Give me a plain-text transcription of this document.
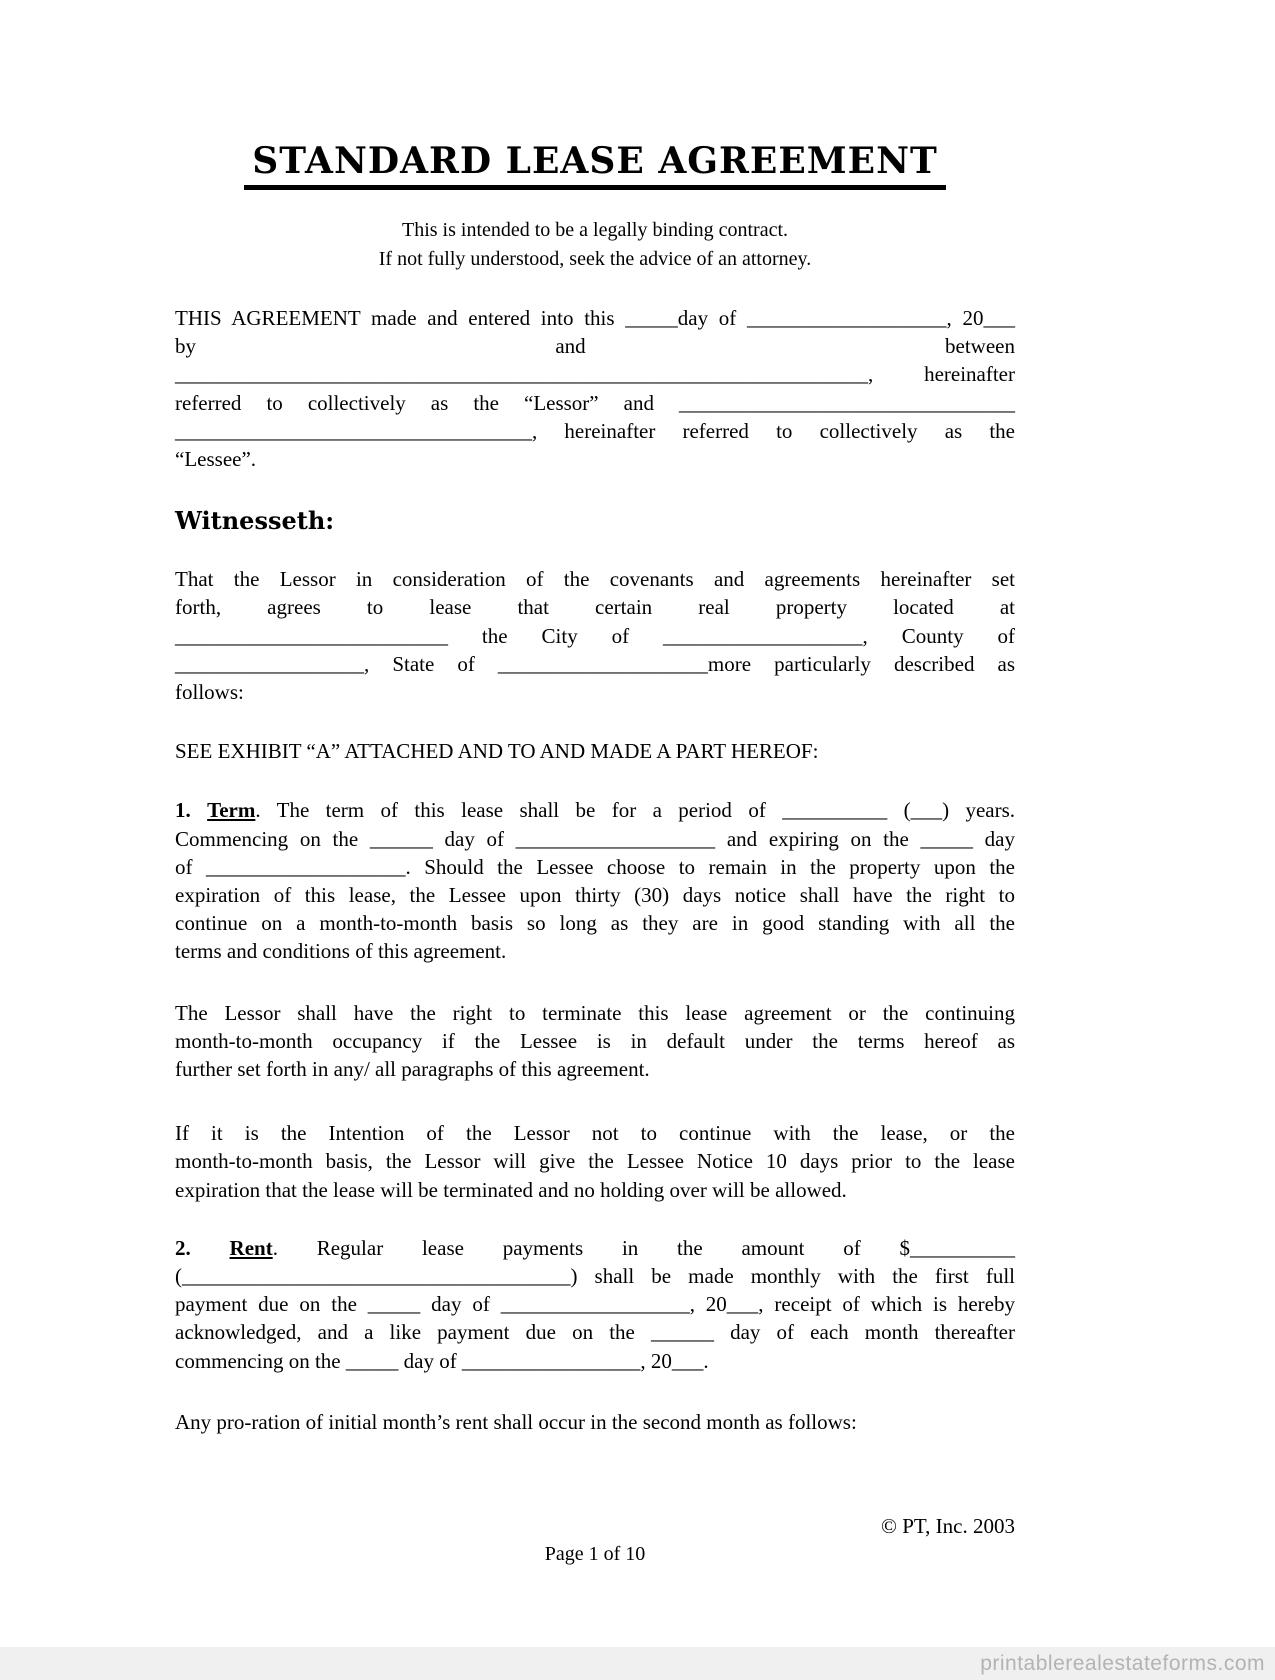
STANDARD LEASE AGREEMENT
This is intended to be a legally binding contract.
If not fully understood, seek the advice of an attorney.
THIS AGREEMENT made and entered into this _____day of ___________________, 20___
by and between
__________________________________________________________________, hereinafter
referred to collectively as the “Lessor” and ________________________________
__________________________________, hereinafter referred to collectively as the
“Lessee”.
Witnesseth:
That the Lessor in consideration of the covenants and agreements hereinafter set
forth, agrees to lease that certain real property located at
__________________________ the City of ___________________, County of
__________________, State of ____________________more particularly described as
follows:
SEE EXHIBIT “A” ATTACHED AND TO AND MADE A PART HEREOF:
1. Term. The term of this lease shall be for a period of __________ (___) years.
Commencing on the ______ day of ___________________ and expiring on the _____ day
of ___________________. Should the Lessee choose to remain in the property upon the
expiration of this lease, the Lessee upon thirty (30) days notice shall have the right to
continue on a month-to-month basis so long as they are in good standing with all the
terms and conditions of this agreement.
The Lessor shall have the right to terminate this lease agreement or the continuing
month-to-month occupancy if the Lessee is in default under the terms hereof as
further set forth in any/ all paragraphs of this agreement.
If it is the Intention of the Lessor not to continue with the lease, or the
month-to-month basis, the Lessor will give the Lessee Notice 10 days prior to the lease
expiration that the lease will be terminated and no holding over will be allowed.
2. Rent. Regular lease payments in the amount of $__________
(_____________________________________) shall be made monthly with the first full
payment due on the _____ day of __________________, 20___, receipt of which is hereby
acknowledged, and a like payment due on the ______ day of each month thereafter
commencing on the _____ day of _________________, 20___.
Any pro-ration of initial month’s rent shall occur in the second month as follows:
© PT, Inc. 2003
Page 1 of 10
printablerealestateforms.com
